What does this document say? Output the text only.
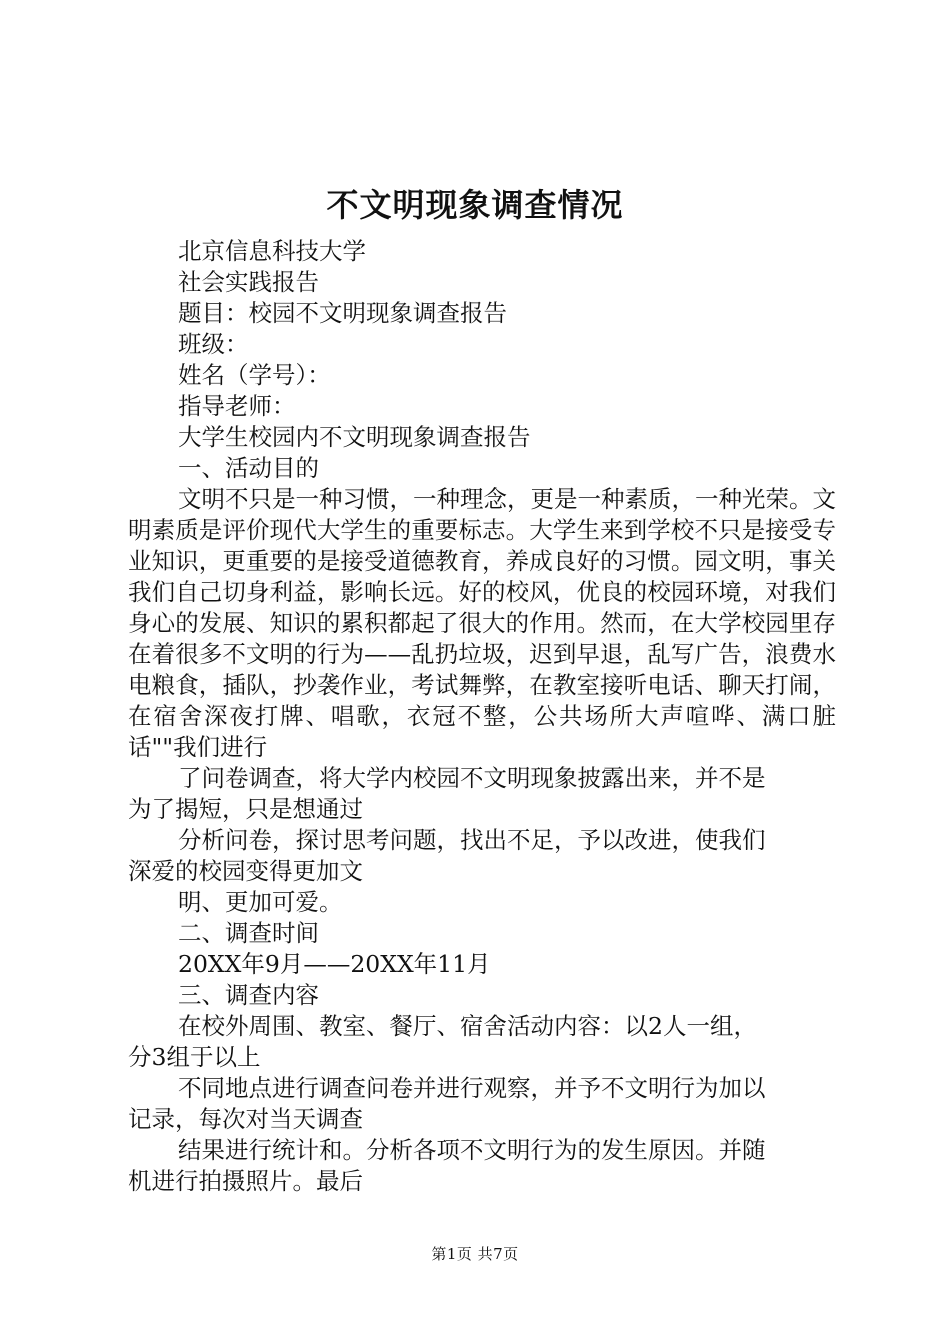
不文明现象调查情况

北京信息科技大学

社会实践报告

题目：校园不文明现象调查报告

班级：

姓名（学号）：

指导老师：

大学生校园内不文明现象调查报告

一、活动目的

文明不只是一种习惯，一种理念，更是一种素质，一种光荣。文明素质是评价现代大学生的重要标志。大学生来到学校不只是接受专业知识，更重要的是接受道德教育，养成良好的习惯。园文明，事关我们自己切身利益，影响长远。好的校风，优良的校园环境，对我们身心的发展、知识的累积都起了很大的作用。然而，在大学校园里存在着很多不文明的行为——乱扔垃圾，迟到早退，乱写广告，浪费水电粮食，插队，抄袭作业，考试舞弊，在教室接听电话、聊天打闹，在宿舍深夜打牌、唱歌，衣冠不整，公共场所大声喧哗、满口脏话""我们进行

了问卷调查，将大学内校园不文明现象披露出来，并不是

为了揭短，只是想通过

分析问卷，探讨思考问题，找出不足，予以改进，使我们

深爱的校园变得更加文

明、更加可爱。

二、调查时间

20XX年9月——20XX年11月

三、调查内容

在校外周围、教室、餐厅、宿舍活动内容：以2人一组，

分3组于以上

不同地点进行调查问卷并进行观察，并予不文明行为加以

记录，每次对当天调查

结果进行统计和。分析各项不文明行为的发生原因。并随

机进行拍摄照片。最后

第1页 共7页
